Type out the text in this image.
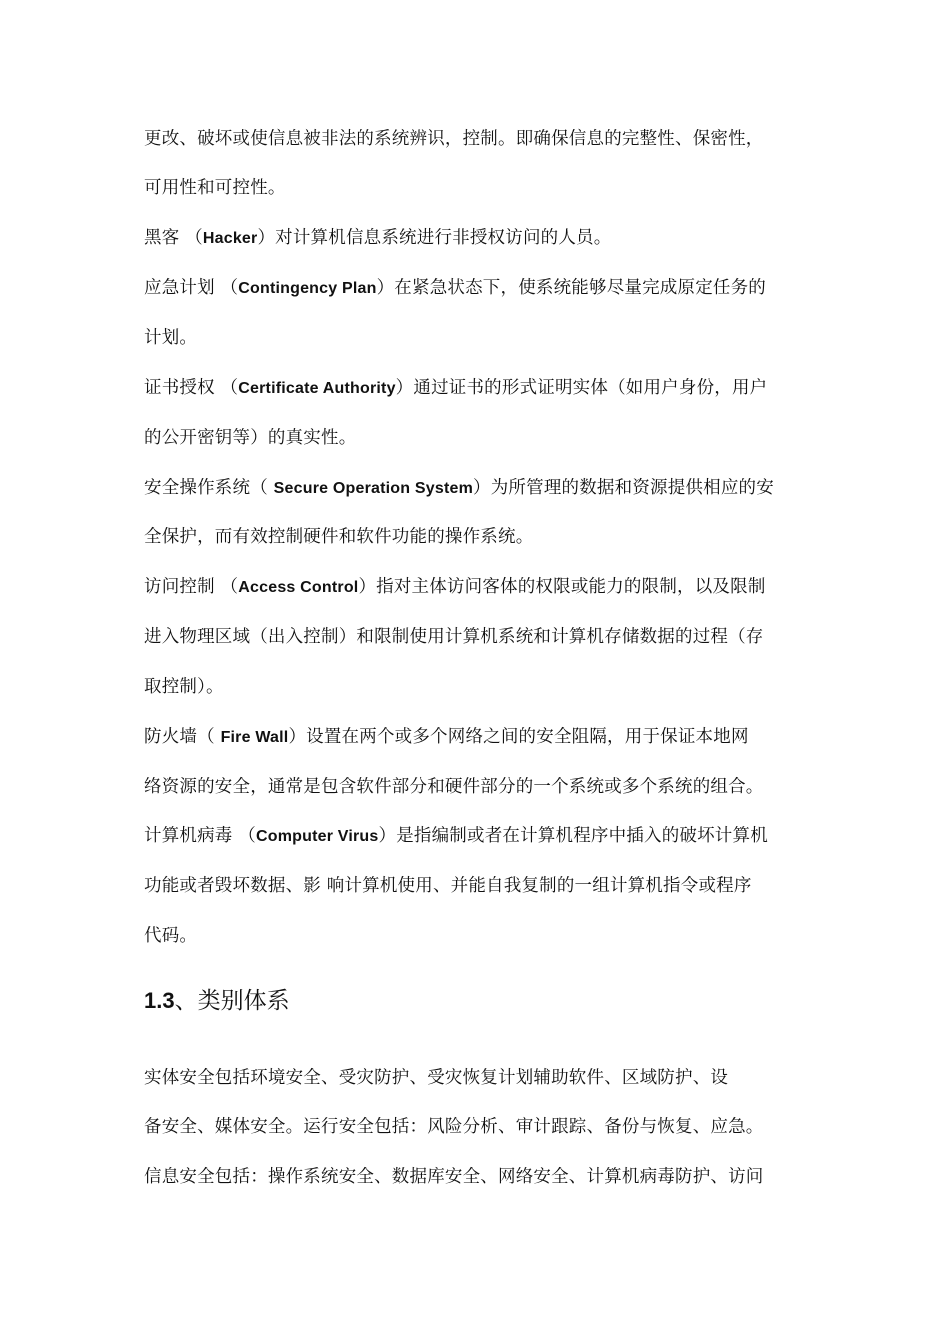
更改、破坏或使信息被非法的系统辨识，控制。即确保信息的完整性、保密性，
可用性和可控性。
黑客 （Hacker）对计算机信息系统进行非授权访问的人员。
应急计划 （Contingency Plan）在紧急状态下，使系统能够尽量完成原定任务的
计划。
证书授权 （Certificate Authority）通过证书的形式证明实体（如用户身份，用户
的公开密钥等）的真实性。
安全操作系统（ Secure Operation System）为所管理的数据和资源提供相应的安
全保护，而有效控制硬件和软件功能的操作系统。
访问控制 （Access Control）指对主体访问客体的权限或能力的限制，以及限制
进入物理区域（出入控制）和限制使用计算机系统和计算机存储数据的过程（存
取控制）。
防火墙（ Fire Wall）设置在两个或多个网络之间的安全阻隔，用于保证本地网
络资源的安全，通常是包含软件部分和硬件部分的一个系统或多个系统的组合。
计算机病毒 （Computer Virus）是指编制或者在计算机程序中插入的破坏计算机
功能或者毁坏数据、影 响计算机使用、并能自我复制的一组计算机指令或程序
代码。
1.3、类别体系
实体安全包括环境安全、受灾防护、受灾恢复计划辅助软件、区域防护、设
备安全、媒体安全。运行安全包括：风险分析、审计跟踪、备份与恢复、应急。
信息安全包括：操作系统安全、数据库安全、网络安全、计算机病毒防护、访问
